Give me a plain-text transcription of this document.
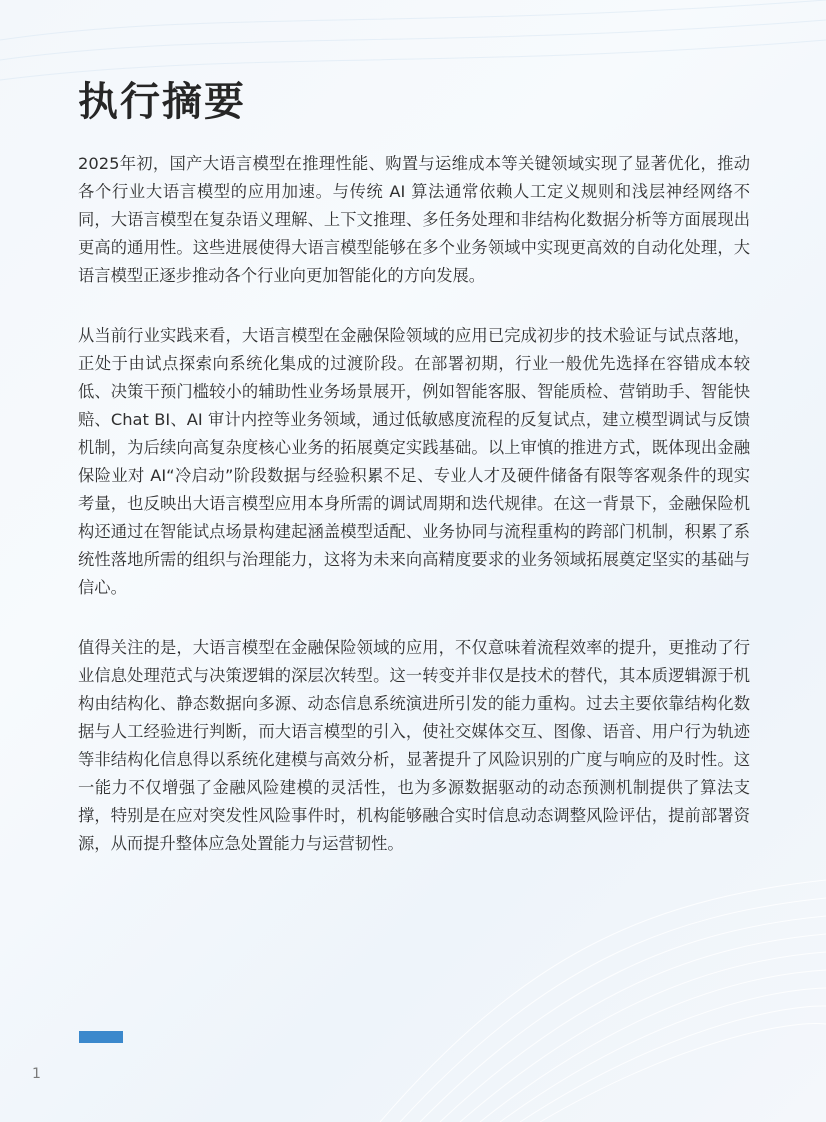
执行摘要

2025年初，国产大语言模型在推理性能、购置与运维成本等关键领域实现了显著优化，推动各个行业大语言模型的应用加速。与传统 AI 算法通常依赖人工定义规则和浅层神经网络不同，大语言模型在复杂语义理解、上下文推理、多任务处理和非结构化数据分析等方面展现出更高的通用性。这些进展使得大语言模型能够在多个业务领域中实现更高效的自动化处理，大语言模型正逐步推动各个行业向更加智能化的方向发展。

从当前行业实践来看，大语言模型在金融保险领域的应用已完成初步的技术验证与试点落地，正处于由试点探索向系统化集成的过渡阶段。在部署初期，行业一般优先选择在容错成本较低、决策干预门槛较小的辅助性业务场景展开，例如智能客服、智能质检、营销助手、智能快赔、Chat BI、AI 审计内控等业务领域，通过低敏感度流程的反复试点，建立模型调试与反馈机制，为后续向高复杂度核心业务的拓展奠定实践基础。以上审慎的推进方式，既体现出金融保险业对 AI“冷启动”阶段数据与经验积累不足、专业人才及硬件储备有限等客观条件的现实考量，也反映出大语言模型应用本身所需的调试周期和迭代规律。在这一背景下，金融保险机构还通过在智能试点场景构建起涵盖模型适配、业务协同与流程重构的跨部门机制，积累了系统性落地所需的组织与治理能力，这将为未来向高精度要求的业务领域拓展奠定坚实的基础与信心。

值得关注的是，大语言模型在金融保险领域的应用，不仅意味着流程效率的提升，更推动了行业信息处理范式与决策逻辑的深层次转型。这一转变并非仅是技术的替代，其本质逻辑源于机构由结构化、静态数据向多源、动态信息系统演进所引发的能力重构。过去主要依靠结构化数据与人工经验进行判断，而大语言模型的引入，使社交媒体交互、图像、语音、用户行为轨迹等非结构化信息得以系统化建模与高效分析，显著提升了风险识别的广度与响应的及时性。这一能力不仅增强了金融风险建模的灵活性，也为多源数据驱动的动态预测机制提供了算法支撑，特别是在应对突发性风险事件时，机构能够融合实时信息动态调整风险评估，提前部署资源，从而提升整体应急处置能力与运营韧性。

1
